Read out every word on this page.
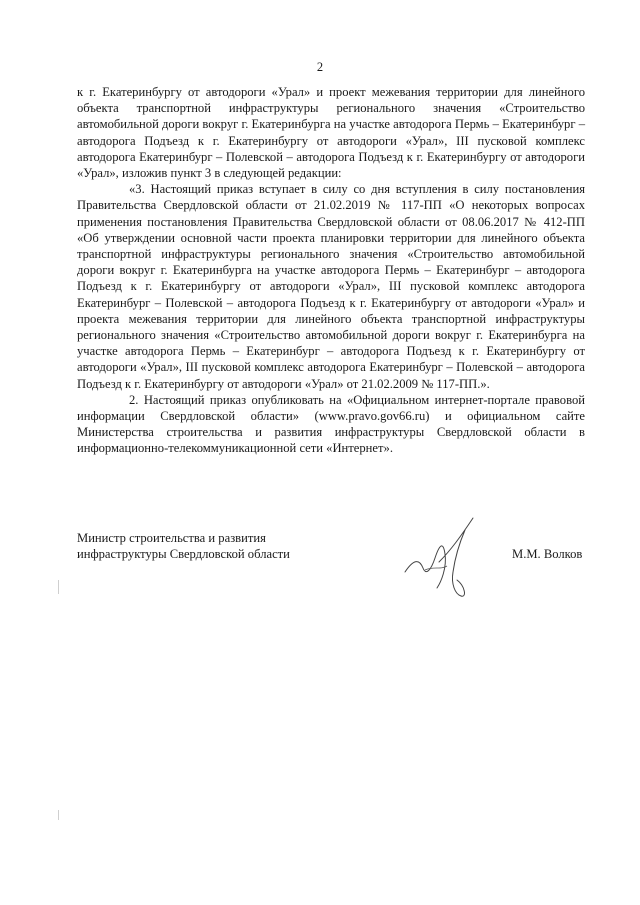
2

к г. Екатеринбургу от автодороги «Урал» и проект межевания территории для линейного объекта транспортной инфраструктуры регионального значения «Строительство автомобильной дороги вокруг г. Екатеринбурга на участке автодорога Пермь – Екатеринбург – автодорога Подъезд к г. Екатеринбургу от автодороги «Урал», III пусковой комплекс автодорога Екатеринбург – Полевской – автодорога Подъезд к г. Екатеринбургу от автодороги «Урал», изложив пункт 3 в следующей редакции:

«3. Настоящий приказ вступает в силу со дня вступления в силу постановления Правительства Свердловской области от 21.02.2019 № 117-ПП «О некоторых вопросах применения постановления Правительства Свердловской области от 08.06.2017 № 412-ПП «Об утверждении основной части проекта планировки территории для линейного объекта транспортной инфраструктуры регионального значения «Строительство автомобильной дороги вокруг г. Екатеринбурга на участке автодорога Пермь – Екатеринбург – автодорога Подъезд к г. Екатеринбургу от автодороги «Урал», III пусковой комплекс автодорога Екатеринбург – Полевской – автодорога Подъезд к г. Екатеринбургу от автодороги «Урал» и проекта межевания территории для линейного объекта транспортной инфраструктуры регионального значения «Строительство автомобильной дороги вокруг г. Екатеринбурга на участке автодорога Пермь – Екатеринбург – автодорога Подъезд к г. Екатеринбургу от автодороги «Урал», III пусковой комплекс автодорога Екатеринбург – Полевской – автодорога Подъезд к г. Екатеринбургу от автодороги «Урал» от 21.02.2009 № 117-ПП.».

2. Настоящий приказ опубликовать на «Официальном интернет-портале правовой информации Свердловской области» (www.pravo.gov66.ru) и официальном сайте Министерства строительства и развития инфраструктуры Свердловской области в информационно-телекоммуникационной сети «Интернет».

Министр строительства и развития
инфраструктуры Свердловской области	М.М. Волков
